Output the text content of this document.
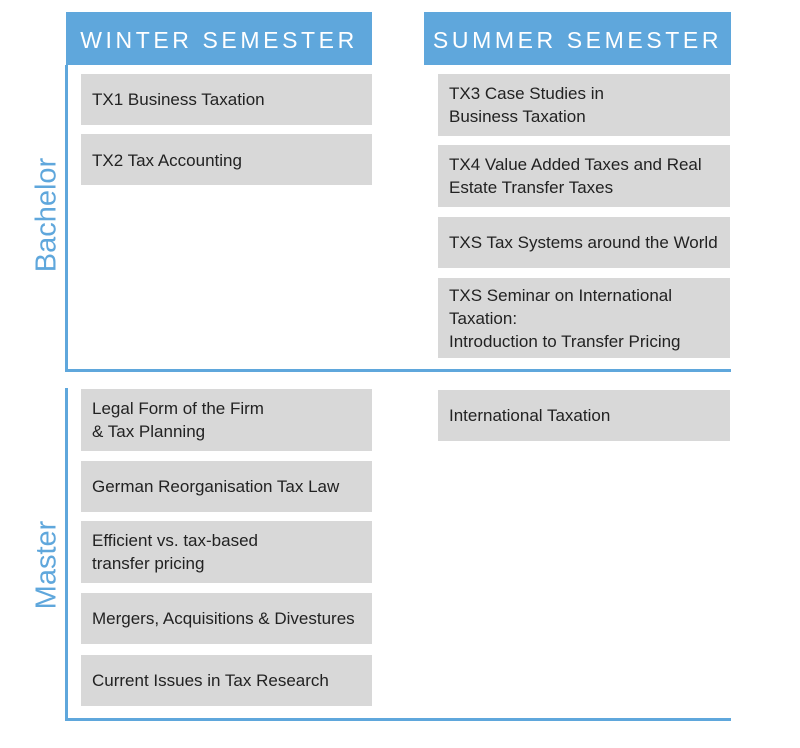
WINTER SEMESTER	SUMMER SEMESTER
Bachelor
Master
TX1 Business Taxation
TX2 Tax Accounting
TX3 Case Studies in
Business Taxation
TX4 Value Added Taxes and Real
Estate Transfer Taxes
TXS Tax Systems around the World
TXS Seminar on International
Taxation:
Introduction to Transfer Pricing
Legal Form of the Firm
& Tax Planning
German Reorganisation Tax Law
Efficient vs. tax-based
transfer pricing
Mergers, Acquisitions & Divestures
Current Issues in Tax Research
International Taxation
